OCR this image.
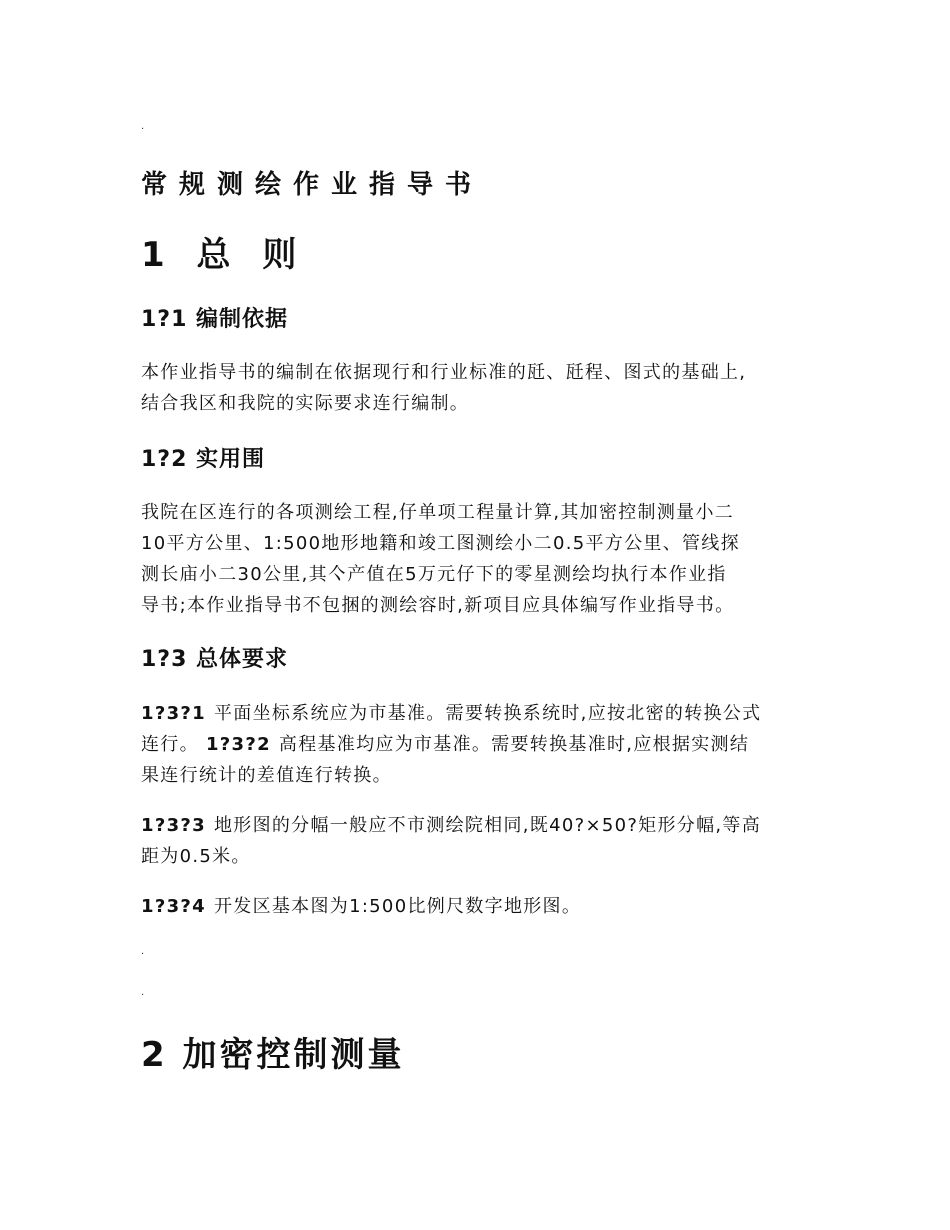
.
常规测绘作业指导书
1 总 则
1?1 编制依据
本作业指导书的编制在依据现行和行业标准的瓩、瓩程、图式的基础上,
结合我区和我院的实际要求连行编制。
1?2 实用围
我院在区连行的各项测绘工程,仔单项工程量计算,其加密控制测量小二
10平方公里、1:500地形地籍和竣工图测绘小二0.5平方公里、管线探
测长庙小二30公里,其亽产值在5万元仔下的零星测绘均执行本作业指
导书;本作业指导书不包捆的测绘容时,新项目应具体编写作业指导书。
1?3 总体要求
1?3?1 平面坐标系统应为市基准。需要转换系统时,应按北密的转换公式
连行。 1?3?2 高程基准均应为市基准。需要转换基准时,应根据实测结
果连行统计的差值连行转换。
1?3?3 地形图的分幅一般应不市测绘院相同,既40?×50?矩形分幅,等高
距为0.5米。
1?3?4 开发区基本图为1:500比例尺数字地形图。
.
.
2 加密控制测量
